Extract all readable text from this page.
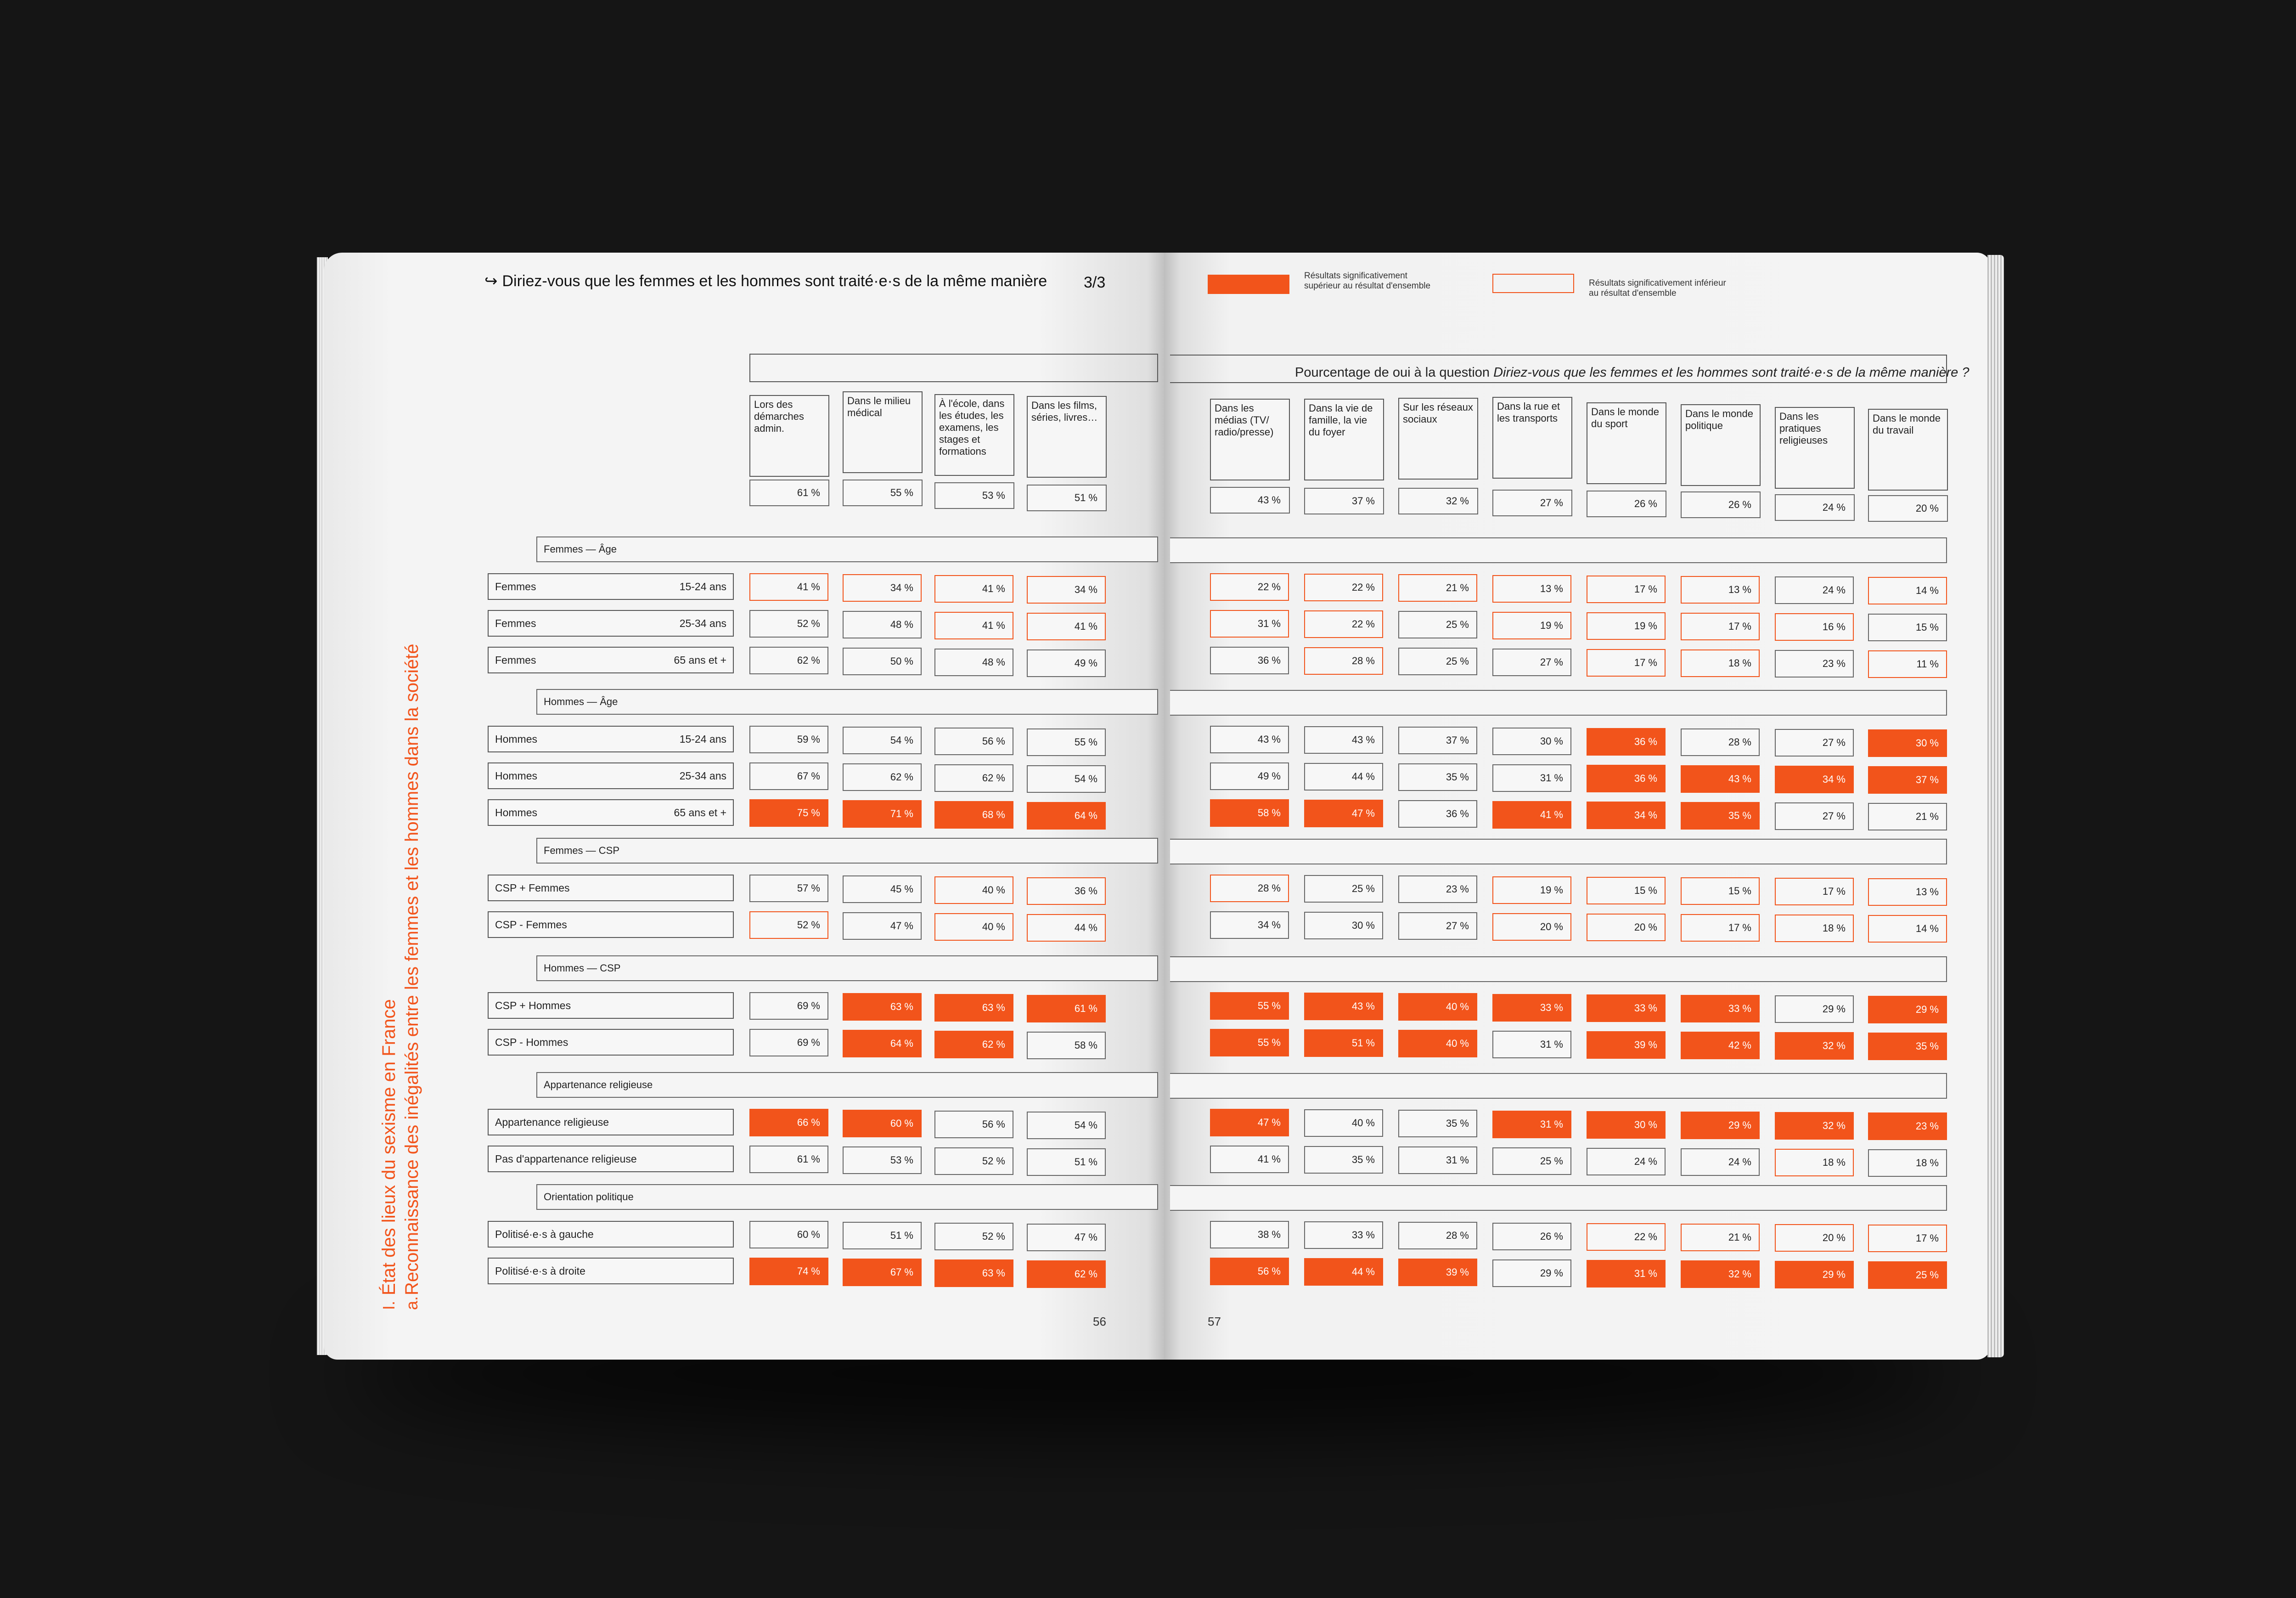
État des lieux du sexisme en France Reconnaissance des inégalités entre les femmes et les hommes dans la société
I. a.
↪ Diriez-vous que les femmes et les hommes sont traité·e·s de la même manière 3/3	Résultats significativement supérieur au résultat d'ensemble	Résultats significativement inférieur au résultat d'ensemble
Pourcentage de oui à la question Diriez-vous que les femmes et les hommes sont traité·e·s de la même manière ?
Lors des démarches admin.
61 %
Dans le milieu médical
55 %
À l'école, dans les études, les examens, les stages et formations
53 %
Dans les films, séries, livres…
51 %
Dans les médias (TV/ radio/presse)
43 %
Dans la vie de famille, la vie du foyer
37 %
Sur les réseaux sociaux
32 %
Dans la rue et les transports
27 %
Dans le monde du sport
26 %
Dans le monde politique
26 %
Dans les pratiques religieuses
24 %
Dans le monde du travail
20 %
Femmes — Âge
Femmes	15-24 ans	41 %	34 %	41 %	34 %	22 %	22 %	21 %	13 %	17 %	13 %	24 %	14 %
Femmes	25-34 ans	52 %	48 %	41 %	41 %	31 %	22 %	25 %	19 %	19 %	17 %	16 %	15 %
Femmes	65 ans et +	62 %	50 %	48 %	49 %	36 %	28 %	25 %	27 %	17 %	18 %	23 %	11 %
Hommes — Âge
Hommes	15-24 ans	59 %	54 %	56 %	55 %	43 %	43 %	37 %	30 %	36 %	28 %	27 %	30 %
Hommes	25-34 ans	67 %	62 %	62 %	54 %	49 %	44 %	35 %	31 %	36 %	43 %	34 %	37 %
Hommes	65 ans et +	75 %	71 %	68 %	64 %	58 %	47 %	36 %	41 %	34 %	35 %	27 %	21 %
Femmes — CSP
CSP + Femmes	57 %	45 %	40 %	36 %	28 %	25 %	23 %	19 %	15 %	15 %	17 %	13 %
CSP - Femmes	52 %	47 %	40 %	44 %	34 %	30 %	27 %	20 %	20 %	17 %	18 %	14 %
Hommes — CSP
CSP + Hommes	69 %	63 %	63 %	61 %	55 %	43 %	40 %	33 %	33 %	33 %	29 %	29 %
CSP - Hommes	69 %	64 %	62 %	58 %	55 %	51 %	40 %	31 %	39 %	42 %	32 %	35 %
Appartenance religieuse
Appartenance religieuse	66 %	60 %	56 %	54 %	47 %	40 %	35 %	31 %	30 %	29 %	32 %	23 %
Pas d'appartenance religieuse	61 %	53 %	52 %	51 %	41 %	35 %	31 %	25 %	24 %	24 %	18 %	18 %
Orientation politique
Politisé·e·s à gauche	60 %	51 %	52 %	47 %	38 %	33 %	28 %	26 %	22 %	21 %	20 %	17 %
Politisé·e·s à droite	74 %	67 %	63 %	62 %	56 %	44 %	39 %	29 %	31 %	32 %	29 %	25 %
56	57
